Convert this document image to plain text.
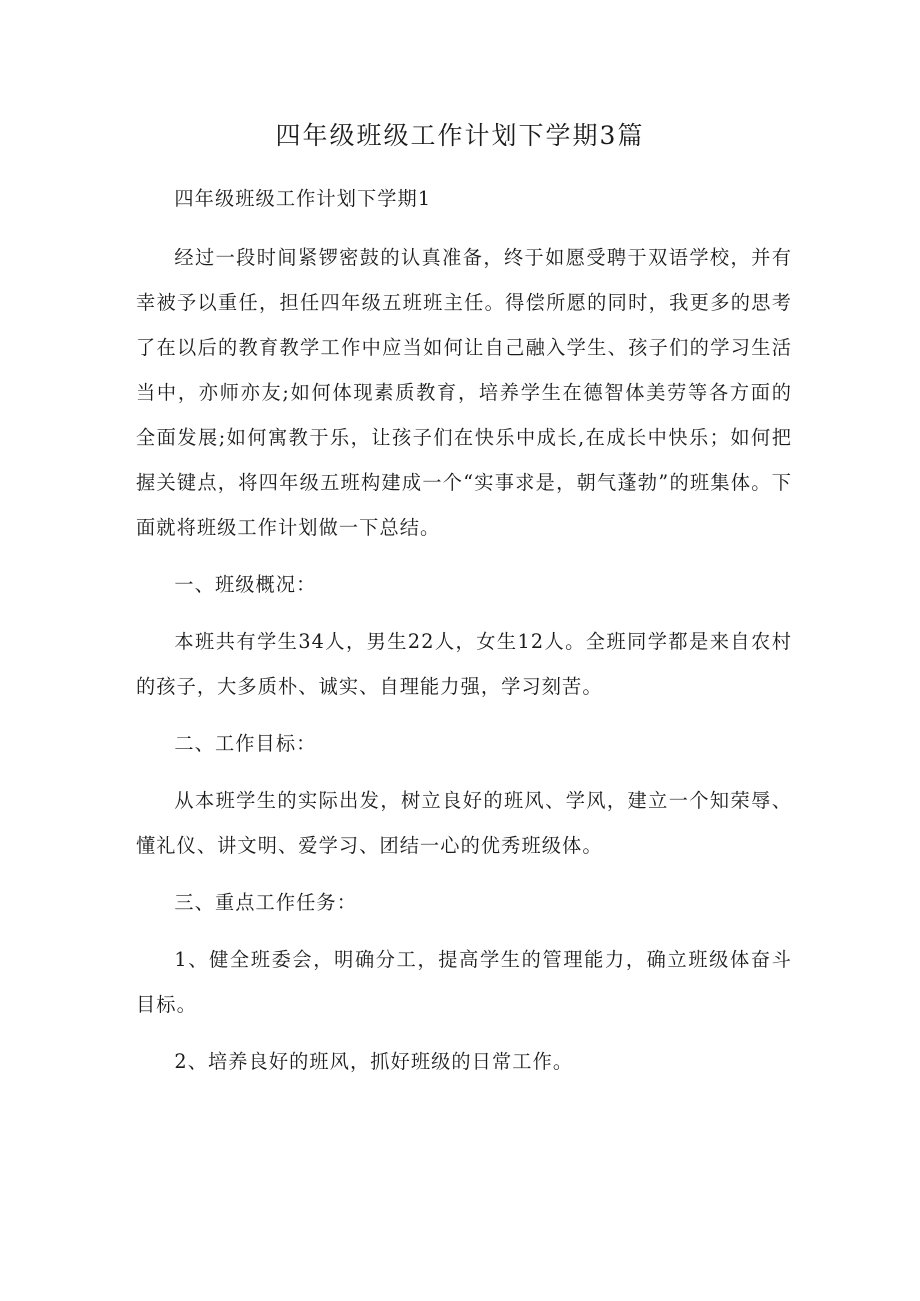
四年级班级工作计划下学期3篇

四年级班级工作计划下学期1

经过一段时间紧锣密鼓的认真准备，终于如愿受聘于双语学校，并有幸被予以重任，担任四年级五班班主任。得偿所愿的同时，我更多的思考了在以后的教育教学工作中应当如何让自己融入学生、孩子们的学习生活当中，亦师亦友;如何体现素质教育，培养学生在德智体美劳等各方面的全面发展;如何寓教于乐，让孩子们在快乐中成长,在成长中快乐；如何把握关键点，将四年级五班构建成一个“实事求是，朝气蓬勃”的班集体。下面就将班级工作计划做一下总结。

一、班级概况：

本班共有学生34人，男生22人，女生12人。全班同学都是来自农村的孩子，大多质朴、诚实、自理能力强，学习刻苦。

二、工作目标：

从本班学生的实际出发，树立良好的班风、学风，建立一个知荣辱、懂礼仪、讲文明、爱学习、团结一心的优秀班级体。

三、重点工作任务：

1、健全班委会，明确分工，提高学生的管理能力，确立班级体奋斗目标。

2、培养良好的班风，抓好班级的日常工作。
